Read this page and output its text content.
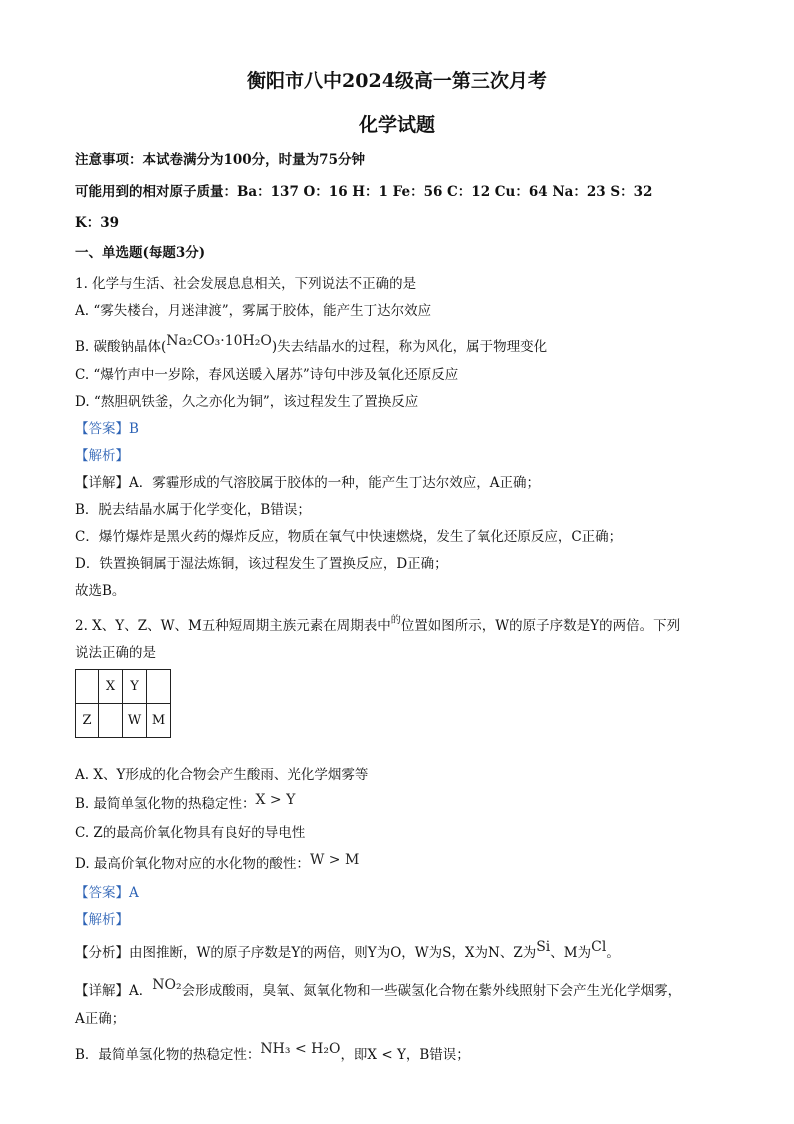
衡阳市八中2024级高一第三次月考
化学试题
注意事项：本试卷满分为100分，时量为75分钟
可能用到的相对原子质量：Ba：137 O：16 H：1 Fe：56 C：12 Cu：64 Na：23 S：32
K：39
一、单选题(每题3分)
1. 化学与生活、社会发展息息相关，下列说法不正确的是
A. “雾失楼台，月迷津渡”，雾属于胶体，能产生丁达尔效应
B. 碳酸钠晶体(Na₂CO₃·10H₂O)失去结晶水的过程，称为风化，属于物理变化
C. “爆竹声中一岁除，春风送暖入屠苏”诗句中涉及氧化还原反应
D. “熬胆矾铁釜，久之亦化为铜”，该过程发生了置换反应
【答案】B
【解析】
【详解】A．雾霾形成的气溶胶属于胶体的一种，能产生丁达尔效应，A正确；
B．脱去结晶水属于化学变化，B错误；
C．爆竹爆炸是黑火药的爆炸反应，物质在氧气中快速燃烧，发生了氧化还原反应，C正确；
D．铁置换铜属于湿法炼铜，该过程发生了置换反应，D正确；
故选B。
2. X、Y、Z、W、M五种短周期主族元素在周期表中$^的$位置如图所示，W的原子序数是Y的两倍。下列
说法正确的是
	X	Y	
Z		W	M
A. X、Y形成的化合物会产生酸雨、光化学烟雾等
B. 最简单氢化物的热稳定性：X > Y
C. Z的最高价氧化物具有良好的导电性
D. 最高价氧化物对应的水化物的酸性：W > M
【答案】A
【解析】
【分析】由图推断，W的原子序数是Y的两倍，则Y为O，W为S，X为N、Z为Si、M为Cl。
【详解】A．NO₂会形成酸雨，臭氧、氮氧化物和一些碳氢化合物在紫外线照射下会产生光化学烟雾，
A正确；
B．最简单氢化物的热稳定性：NH₃ < H₂O，即X < Y，B错误；
